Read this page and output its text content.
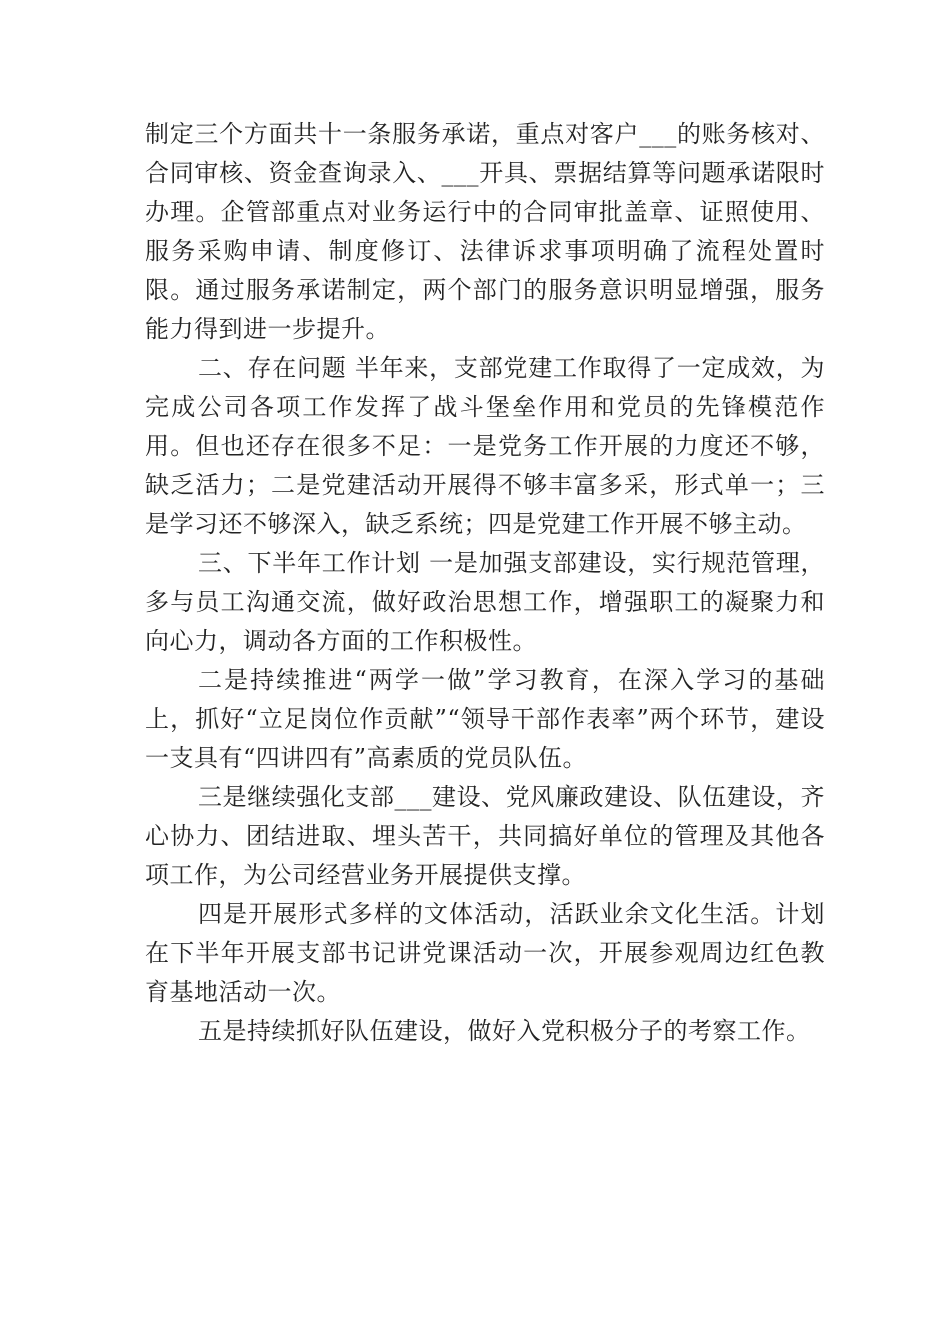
制定三个方面共十一条服务承诺，重点对客户___的账务核对、合同审核、资金查询录入、___开具、票据结算等问题承诺限时办理。企管部重点对业务运行中的合同审批盖章、证照使用、服务采购申请、制度修订、法律诉求事项明确了流程处置时限。通过服务承诺制定，两个部门的服务意识明显增强，服务能力得到进一步提升。

二、存在问题 半年来，支部党建工作取得了一定成效，为完成公司各项工作发挥了战斗堡垒作用和党员的先锋模范作用。但也还存在很多不足：一是党务工作开展的力度还不够，缺乏活力；二是党建活动开展得不够丰富多采，形式单一；三是学习还不够深入，缺乏系统；四是党建工作开展不够主动。

三、下半年工作计划 一是加强支部建设，实行规范管理，多与员工沟通交流，做好政治思想工作，增强职工的凝聚力和向心力，调动各方面的工作积极性。

二是持续推进“两学一做”学习教育，在深入学习的基础上，抓好“立足岗位作贡献”“领导干部作表率”两个环节，建设一支具有“四讲四有”高素质的党员队伍。

三是继续强化支部___建设、党风廉政建设、队伍建设，齐心协力、团结进取、埋头苦干，共同搞好单位的管理及其他各项工作，为公司经营业务开展提供支撑。

四是开展形式多样的文体活动，活跃业余文化生活。计划在下半年开展支部书记讲党课活动一次，开展参观周边红色教育基地活动一次。

五是持续抓好队伍建设，做好入党积极分子的考察工作。
